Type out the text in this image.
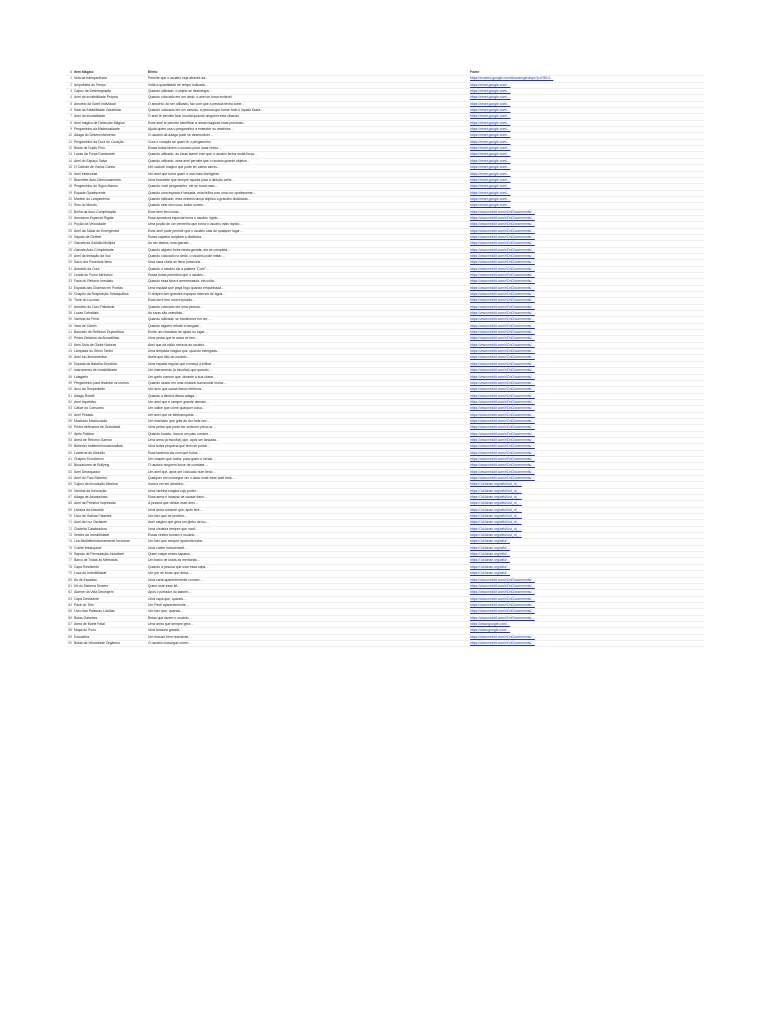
# Item Mágico	Efeito	Fonte
1 Vela da transparência	Permite que o usuário veja através da…	https://rewetrs.google.com/showsingle.aspx?p=R8C3…
2 Ampulheta do Tempo	Volta a quantidade de tempo indicada…	https://reset.google.com/…
3 Capuz da Desintegração	Quando utilizado, o objeto se desintegra…	https://reset.google.com/…
4 Anel da Invisibilidade Própria	Quando colocado em um dedo, o anel se torna invisível	https://reset.google.com/…
5 Amuleto da Sorte Individual	O amuleto, ao ser utilizado, faz com que a pessoa tenha sorte…	https://reset.google.com/…
6 Sala da Estabilidade Garantida	Quando colocado em um canudo, a pessoa que tomar todo o líquido ficará…	https://reset.google.com/…
7 Anel da Imortalidade	O anel te permite ficar imortal quando ninguém está olhando	https://reset.google.com/…
8 Anel mágico de Detecção Mágica	Esse anel te permite identificar a áreas mágicas mais próximas…	https://reset.google.com/…
9 Pergaminho da Misteriosidade	Ajuda quem usa o pergaminho a entender os mistérios…	https://reset.google.com/…
10 Adaga do Desenvolvimento	O usuário da adaga pode se desenvolver…	https://reset.google.com/…
11 Pergaminho da Cura do Coração	Cura o coração de quem lê o pergaminho	https://reset.google.com/…
12 Botas de Duplo Pulo	Essas botas fazem o usuário pular duas vezes…	https://reset.google.com/…
13 Luvas da Força Dominante	Quando utilizado, as luvas fazem com que o usuário tenha muita força…	https://reset.google.com/…
14 Anel do Espaço Salvo	Quando utilizado, esse anel permite que o usuário guarde objetos…	https://reset.google.com/…
15 O Caixote de Vários Canos	Um caixote mágico que pode ter vários canos…	https://reset.google.com/…
16 Anel Intelectual	Um anel que torna quem o usa mais inteligente…	https://reset.google.com/…
17 Bracelete Auto-Direcionamento	Uma bracelete que sempre aponta para a direção certa…	https://reset.google.com/…
18 Pergaminho do Signo Mamur	Quando você pergaminho, ele se torna mais…	https://reset.google.com/…
19 Espada Opalescente	Quando uma espada é lançada, esta brilha com uma cor opalescente…	https://reset.google.com/…
20 Martelo do Lançamento	Quando utilizado, esse martelo lança objetos a grandes distâncias…	https://reset.google.com/…
21 Sino do Mundo	Quando este sino toca, todos ouvem…	https://reset.google.com/…
22 Bolha da Auto-Completação	Esse item tem bolas…	https://www.reddit.com/r/DnD/comments/…
23 Armadura Especial Rígida	Essa armadura especial torna o usuário rígido…	https://www.reddit.com/r/DnD/comments/…
24 Poção da Velocidade	Uma poção de cor vermelho que torna o usuário mais rápido…	https://www.reddit.com/r/DnD/comments/…
25 Anel da Saída de Emergência	Esse anel pode permitir que o usuário saia de qualquer lugar…	https://www.reddit.com/r/DnD/comments/…
26 Sapato de Gelfeei	Esses sapatos ampliam a distância…	https://www.reddit.com/r/DnD/comments/…
27 Garrafa da Solidão Múltipla	Ao ser aberta, esta garrafa…	https://www.reddit.com/r/DnD/comments/…
28 Garrafa Auto-Completante	Quando alguém bebe desta garrafa, ela se completa…	https://www.reddit.com/r/DnD/comments/…
29 Anel da Imitação da Voz	Quando colocado no dedo, o usuário pode imitar…	https://www.reddit.com/r/DnD/comments/…
30 Saco dos Possíveis Itens	Uma saca cheia de itens possíveis…	https://www.reddit.com/r/DnD/comments/…
31 Amuleto da Cura	Quando o usuário diz a palavra "Cure"…	https://www.reddit.com/r/DnD/comments/…
32 Lenda do Fumo Intrínsico	Essas botas permitem que o usuário…	https://www.reddit.com/r/DnD/comments/…
33 Faca do Retorno Imediato	Quando essa faca é arremessada, ela volta…	https://www.reddit.com/r/DnD/comments/…
34 Espada das Chamas em Pontas	Uma espada que pega fogo quando empunhada…	https://www.reddit.com/r/DnD/comments/…
35 Chapéu da Respiração Subaquática	O chapéu tem grandes espaços internos de água…	https://www.reddit.com/r/DnD/comments/…
36 Torre do Luzumo	Essa torre tem uma explosão…	https://www.reddit.com/r/DnD/comments/…
37 Amuleto do Coro Palidante	Quando colocado em uma pessoa…	https://www.reddit.com/r/DnD/comments/…
38 Lucas Celestiais	As luvas são celestiais…	https://www.reddit.com/r/DnD/comments/…
39 Varinha da Fênix	Quando utilizada, se transforma em um…	https://www.reddit.com/r/DnD/comments/…
40 Vara de Cânon	Quando alguém rebate a bengala…	https://www.reddit.com/r/DnD/comments/…
41 Bancelio de Reflexos Específicos	Emite um chamado de ajuda no lugar…	https://www.reddit.com/r/DnD/comments/…
42 Pedra Delatora da Armadilhas	Uma pedra que te avisa se tem…	https://www.reddit.com/r/DnD/comments/…
43 Anel Guia de Glabs Noturas	Anel que dá visão noturna ao usuário…	https://www.reddit.com/r/DnD/comments/…
44 Lâmpada do Gênio Tardio	Uma lâmpada mágica que, quando esfregada…	https://www.reddit.com/r/DnD/comments/…
45 Anel Inu-fechamentos	Anéis que dão ao usuário…	https://www.reddit.com/r/DnD/comments/…
46 Espada da Batalha Decidida	Uma espada regular que começa a brilhar…	https://www.reddit.com/r/DnD/comments/…
47 Instrumento de Invisibilidade	Um instrumento (à escolha) que quando…	https://www.reddit.com/r/DnD/comments/…
48 Lidagarfo	Um garfo comum que, durante a sua chave…	https://www.reddit.com/r/DnD/comments/…
49 Pergaminho para levantar os mortos	Quando usado em uma criatura humanoide morta…	https://www.reddit.com/r/DnD/comments/…
50 Arco da Tempestade	Um arco que causa danos elétricos…	https://www.reddit.com/r/DnD/comments/…
51 Adaga Rotatil	Quando a lâmina dessa adaga…	https://www.reddit.com/r/DnD/comments/…
52 Anel Impetitivo	Um anel que é sempre grande demais…	https://www.reddit.com/r/DnD/comments/…
53 Cálice do Consueto	Um cálice que come qualquer coisa…	https://www.reddit.com/r/DnD/comments/…
54 Anel Pesado	Um anel que se teletransporta…	https://www.reddit.com/r/DnD/comments/…
55 Machado Machucador	Um machado que grita de dor toda vez…	https://www.reddit.com/r/DnD/comments/…
56 Pedra defensora de Gravidade	Uma pedra que pode ser solta em pleno ar…	https://www.reddit.com/r/DnD/comments/…
57 Apito Palidon	Quando tocado, invoca um pato comum…	https://www.reddit.com/r/DnD/comments/…
58 Arma de Retorno Garnon	Uma arma (à escolha) que, após ser lançada…	https://www.reddit.com/r/DnD/comments/…
59 Bebedor Indeterminoracionalista	Uma bolsa pequena que tem um portal…	https://www.reddit.com/r/DnD/comments/…
60 Lanterna de Aleluião	Essa lanterna faz com que todos…	https://www.reddit.com/r/DnD/comments/…
61 Chapéu Econômico	Um chapéu que todos, para quem o vendo…	https://www.reddit.com/r/DnD/comments/…
62 Buscacores de Bullying	O usuário ninguém louve de combate…	https://www.reddit.com/r/DnD/comments/…
63 Anel Desequador	Um anel que, após ser colocado num dedo…	https://www.reddit.com/r/DnD/comments/…
64 Anel do Puro Sistema	Qualquer um consegue ver o dado onde esse anel está…	https://www.reddit.com/r/DnD/comments/…
65 Capuz da Invocação Máxima	Invoca um ser aleatório…	https://1d4chan.org/wiki/List_of_…
66 Varinha da Invocação	Uma varinha mágica cujo poder…	https://1d4chan.org/wiki/List_of_…
67 Adaga de Assassinato	Essa arma é incapaz de causar dano…	https://1d4chan.org/wiki/List_of_…
68 Anel da Primeira Impressão	A pessoa que utilizar esse anel…	https://1d4chan.org/wiki/List_of_…
69 Lâmina da Amizade	Uma arma cortante que, após ferir…	https://1d4chan.org/wiki/List_of_…
70 Livro de Satiras Falantes	Um livro que se protetor…	https://1d4chan.org/wiki/List_of_…
71 Anel da Luz Oscilante	Anel mágico que gera um globo de luz…	https://1d4chan.org/wiki/List_of_…
72 Chuteira Catalisadora	Uma chuteira sempre que você…	https://1d4chan.org/wiki/List_of_…
73 Vestes da Invisibilidade	Essas vestes tornam o usuário…	https://1d4chan.org/wiki/List_of_…
74 Lira Multidimensionalmente Incomum	Um livro que sempre aparenta estar…	https://1d4chan.org/wiki/…
75 Colete Intrançável	Uma colete invulnerável…	https://1d4chan.org/wiki/…
76 Sapato de Permutação Inusitável	Quem calçar esses sapatos…	https://1d4chan.org/wiki/…
77 Barco de Todas as Memórias	Um barco de todas as memórias…	https://1d4chan.org/wiki/…
78 Capa Resistente	Quando a pessoa que usar essa capa…	https://1d4chan.org/wiki/…
79 Luva da Invisibilidade	Um par de luvas que deixa…	https://1d4chan.org/wiki/…
80 Ás de Espadas	Uma carta aparentemente comum…	https://www.reddit.com/r/DnD/comments/…
81 Kit do Sistema Sincero	Quem usar esse kit…	https://www.reddit.com/r/DnD/comments/…
82 Alarme da Vida Delongem	Após o portador do alarme…	https://www.reddit.com/r/DnD/comments/…
83 Capa Deslizante	Uma capa que, quando…	https://www.reddit.com/r/DnD/comments/…
84 Pavê do Teto	Um Pavê aparentemente…	https://www.reddit.com/r/DnD/comments/…
85 Livro das Palavras Lúcidas	Um livro que, quando…	https://www.reddit.com/r/DnD/comments/…
86 Botas Galantes	Botas que fazem o usuário…	https://www.reddit.com/r/DnD/comments/…
87 Arma de Morte Fatal	Uma arma que sempre gera…	https://www.google.com/…
88 Mapa do Povo	Uma bússola grande…	https://www.google.com/…
89 Escudeira	Um escudo bem resistente…	https://www.reddit.com/r/DnD/comments/…
90 Botas da Velocidade Orgânica	O usuário consegue correr…	https://www.reddit.com/r/DnD/comments/…
